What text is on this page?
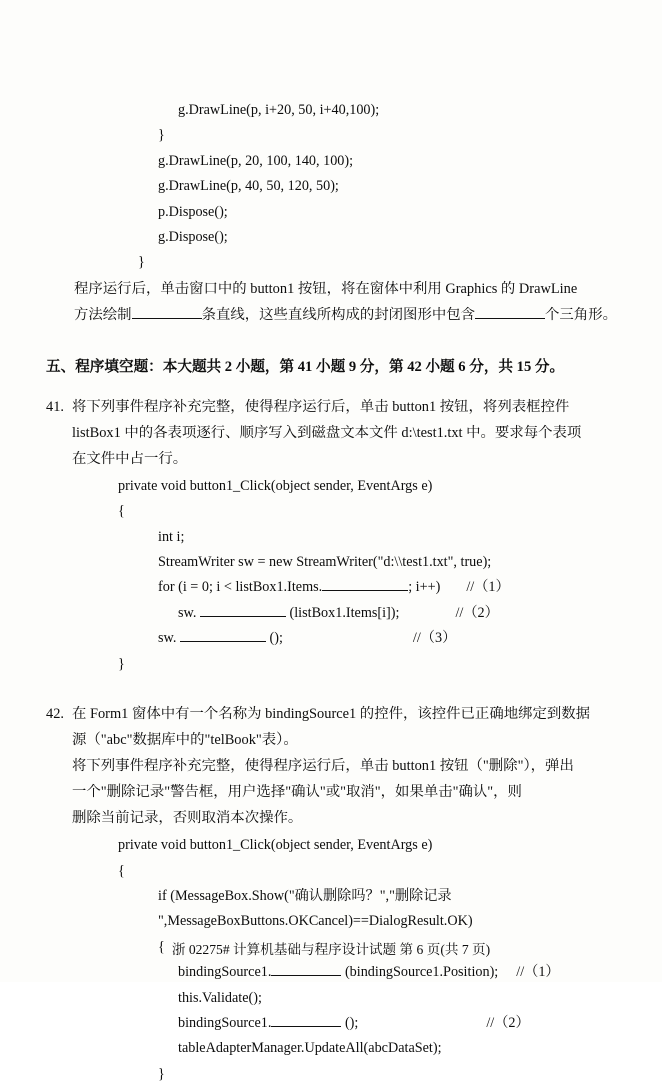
g.DrawLine(p, i+20, 50, i+40,100);
}
g.DrawLine(p, 20, 100, 140, 100);
g.DrawLine(p, 40, 50, 120, 50);
p.Dispose();
g.Dispose();
}
程序运行后，单击窗口中的 button1 按钮，将在窗体中利用 Graphics 的 DrawLine
方法绘制	条直线，这些直线所构成的封闭图形中包含	个三角形。
五、程序填空题：本大题共 2 小题，第 41 小题 9 分，第 42 小题 6 分，共 15 分。
41. 将下列事件程序补充完整，使得程序运行后，单击 button1 按钮，将列表框控件
listBox1 中的各表项逐行、顺序写入到磁盘文本文件 d:\test1.txt 中。要求每个表项
在文件中占一行。
private void button1_Click(object sender, EventArgs e)
{
int i;
StreamWriter sw = new StreamWriter("d:\\test1.txt", true);
for (i = 0; i < listBox1.Items.	; i++) //（1）
sw.	(listBox1.Items[i]);	//（2）
sw.	();	//（3）
}
42. 在 Form1 窗体中有一个名称为 bindingSource1 的控件，该控件已正确地绑定到数据
源（"abc"数据库中的"telBook"表）。
将下列事件程序补充完整，使得程序运行后，单击 button1 按钮（"删除"），弹出
一个"删除记录"警告框，用户选择"确认"或"取消"，如果单击"确认"，则
删除当前记录，否则取消本次操作。
private void button1_Click(object sender, EventArgs e)
{
if (MessageBox.Show("确认删除吗？","删除记录
",MessageBoxButtons.OKCancel)==DialogResult.OK)
{
bindingSource1.	(bindingSource1.Position); //（1）
this.Validate();
bindingSource1.	();	//（2）
tableAdapterManager.UpdateAll(abcDataSet);
}
浙 02275# 计算机基础与程序设计试题 第 6 页(共 7 页)
